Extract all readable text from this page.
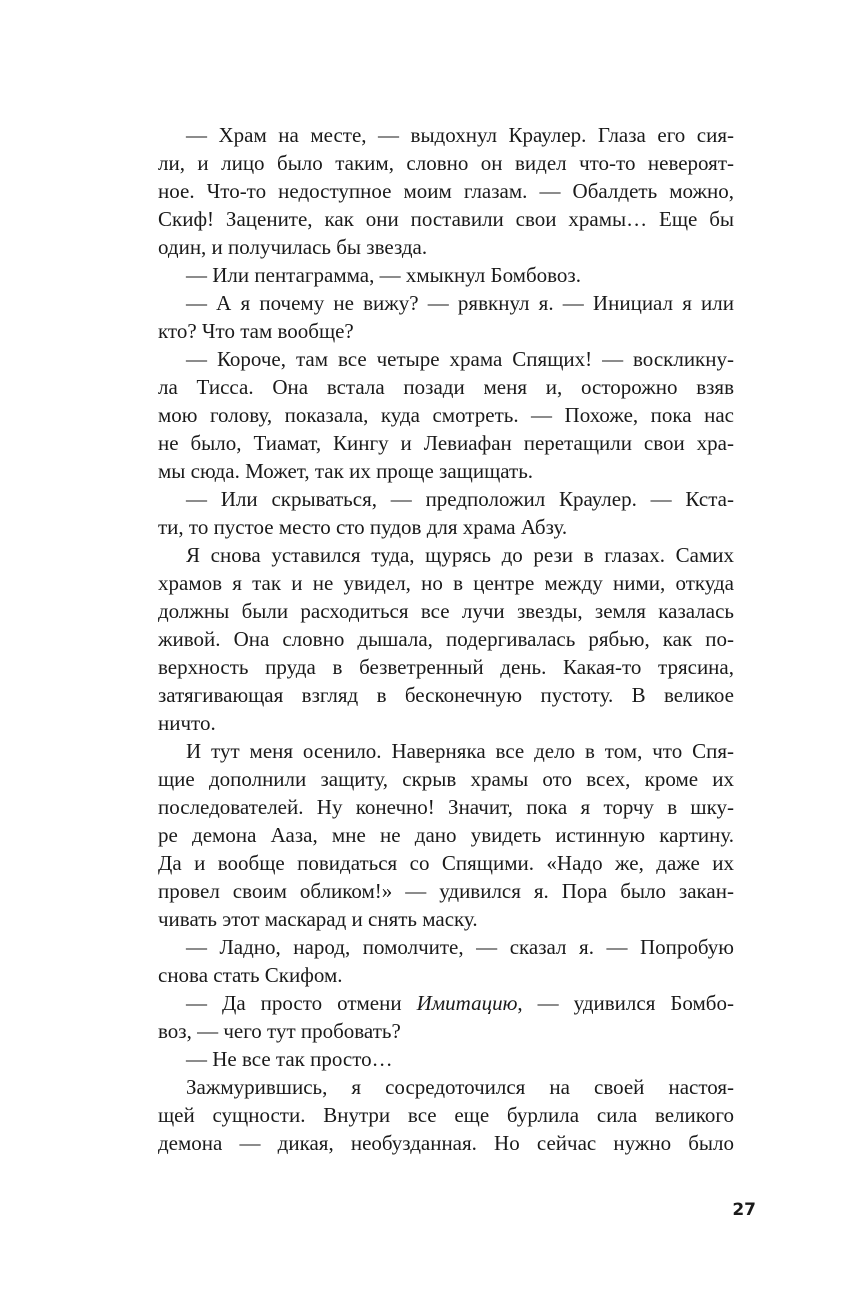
— Храм на месте, — выдохнул Краулер. Глаза его сия-
ли, и лицо было таким, словно он видел что-то невероят-
ное. Что-то недоступное моим глазам. — Обалдеть можно,
Скиф! Зацените, как они поставили свои храмы… Еще бы
один, и получилась бы звезда.
— Или пентаграмма, — хмыкнул Бомбовоз.
— А я почему не вижу? — рявкнул я. — Инициал я или
кто? Что там вообще?
— Короче, там все четыре храма Спящих! — воскликну-
ла Тисса. Она встала позади меня и, осторожно взяв
мою голову, показала, куда смотреть. — Похоже, пока нас
не было, Тиамат, Кингу и Левиафан перетащили свои хра-
мы сюда. Может, так их проще защищать.
— Или скрываться, — предположил Краулер. — Кста-
ти, то пустое место сто пудов для храма Абзу.
Я снова уставился туда, щурясь до рези в глазах. Самих
храмов я так и не увидел, но в центре между ними, откуда
должны были расходиться все лучи звезды, земля казалась
живой. Она словно дышала, подергивалась рябью, как по-
верхность пруда в безветренный день. Какая-то трясина,
затягивающая взгляд в бесконечную пустоту. В великое
ничто.
И тут меня осенило. Наверняка все дело в том, что Спя-
щие дополнили защиту, скрыв храмы ото всех, кроме их
последователей. Ну конечно! Значит, пока я торчу в шку-
ре демона Ааза, мне не дано увидеть истинную картину.
Да и вообще повидаться со Спящими. «Надо же, даже их
провел своим обликом!» — удивился я. Пора было закан-
чивать этот маскарад и снять маску.
— Ладно, народ, помолчите, — сказал я. — Попробую
снова стать Скифом.
— Да просто отмени Имитацию, — удивился Бомбо-
воз, — чего тут пробовать?
— Не все так просто…
Зажмурившись, я сосредоточился на своей настоя-
щей сущности. Внутри все еще бурлила сила великого
демона — дикая, необузданная. Но сейчас нужно было
27
